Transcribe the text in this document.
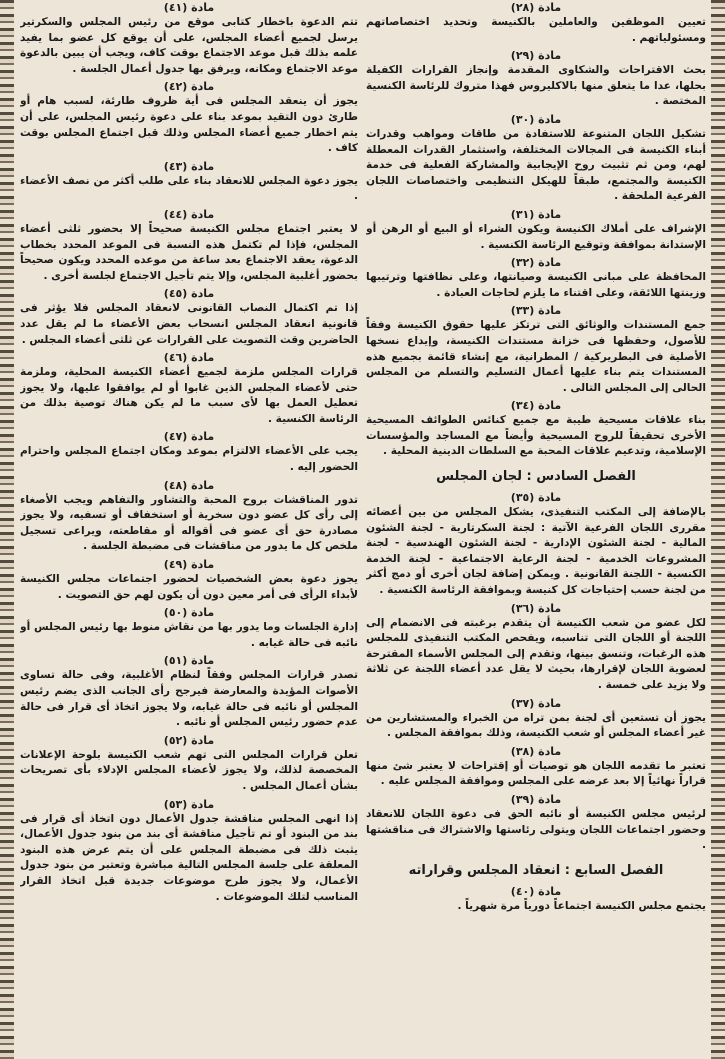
مادة (٢٨)

تعيين الموظفين والعاملين بالكنيسة وتحديد اختصاصاتهم ومسئولياتهم .

مادة (٢٩)

بحث الاقتراحات والشكاوى المقدمة وإنجاز القرارات الكفيلة بحلها، عدا ما يتعلق منها بالاكليروس فهذا متروك للرئاسة الكنسية المختصة .

مادة (٣٠)

تشكيل اللجان المتنوعة للاستفادة من طاقات ومواهب وقدرات أبناء الكنيسة فى المجالات المختلفة، واستثمار القدرات المعطلة لهم، ومن ثم تثبيت روح الإيجابية والمشاركة الفعلية فى خدمة الكنيسة والمجتمع، طبقاً للهيكل التنظيمى واختصاصات اللجان الفرعية الملحقة .

مادة (٣١)

الإشراف على أملاك الكنيسة ويكون الشراء أو البيع أو الرهن أو الإستدانة بموافقة وتوقيع الرئاسة الكنسية .

مادة (٣٢)

المحافظة على مبانى الكنيسة وصيانتها، وعلى نظافتها وترتيبها وزينتها اللائقة، وعلى اقتناء ما يلزم لحاجات العبادة .

مادة (٣٣)

جمع المستندات والوثائق التى ترتكز عليها حقوق الكنيسة وفقاً للأصول، وحفظها فى خزانة مستندات الكنيسة، وإيداع نسخها الأصلية فى البطريركية / المطرانية، مع إنشاء قائمة بجميع هذه المستندات يتم بناء عليها أعمال التسليم والتسلم من المجلس الحالى إلى المجلس التالى .

مادة (٣٤)

بناء علاقات مسيحية طيبة مع جميع كنائس الطوائف المسيحية الأخرى تحقيقاً للروح المسيحية وأيضاً مع المساجد والمؤسسات الإسلامية، وتدعيم علاقات المحبة مع السلطات الدينية المحلية .

الفصل السادس : لجان المجلس
مادة (٣٥)

بالإضافة إلى المكتب التنفيذى، يشكل المجلس من بين أعضائه مقررى اللجان الفرعية الآتية : لجنة السكرتارية - لجنة الشئون المالية - لجنة الشئون الإدارية - لجنة الشئون الهندسية - لجنة المشروعات الخدمية - لجنة الرعاية الاجتماعية - لجنة الخدمة الكنسية - اللجنة القانونية . ويمكن إضافة لجان أخرى أو دمج أكثر من لجنة حسب إحتياجات كل كنيسة وبموافقة الرئاسة الكنسية .

مادة (٣٦)

لكل عضو من شعب الكنيسة أن يتقدم برغبته فى الانضمام إلى اللجنة أو اللجان التى تناسبه، ويفحص المكتب التنفيذى للمجلس هذه الرغبات، وتنسق بينها، وتقدم إلى المجلس الأسماء المقترحة لعضوية اللجان لإقرارها، بحيث لا يقل عدد أعضاء اللجنة عن ثلاثة ولا يزيد على خمسة .

مادة (٣٧)

يجوز أن تستعين أى لجنة بمن تراه من الخبراء والمستشارين من غير أعضاء المجلس أو شعب الكنيسة، وذلك بموافقة المجلس .

مادة (٣٨)

تعتبر ما تقدمه اللجان هو توصيات أو إقتراحات لا يعتبر شئ منها قراراً نهائياً إلا بعد عرضه على المجلس وموافقة المجلس عليه .

مادة (٣٩)

لرئيس مجلس الكنيسة أو نائبه الحق فى دعوة اللجان للانعقاد وحضور اجتماعات اللجان ويتولى رئاستها والاشتراك فى مناقشتها .

الفصل السابع : انعقاد المجلس وقراراته
مادة (٤٠)

يجتمع مجلس الكنيسة اجتماعاً دورياً مرة شهرياً .

مادة (٤١)

تتم الدعوة باخطار كتابى موقع من رئيس المجلس والسكرتير يرسل لجميع أعضاء المجلس، على أن يوقع كل عضو بما يفيد علمه بذلك قبل موعد الاجتماع بوقت كاف، ويجب أن يبين بالدعوة موعد الاجتماع ومكانه، ويرفق بها جدول أعمال الجلسة .

مادة (٤٢)

يجوز أن ينعقد المجلس فى أية ظروف طارئة، لسبب هام أو طارئ دون التقيد بموعد بناء على دعوة رئيس المجلس، على أن يتم اخطار جميع أعضاء المجلس وذلك قبل اجتماع المجلس بوقت كاف .

مادة (٤٣)

يجوز دعوة المجلس للانعقاد بناء على طلب أكثر من نصف الأعضاء .

مادة (٤٤)

لا يعتبر اجتماع مجلس الكنيسة صحيحاً إلا بحضور ثلثى أعضاء المجلس، فإذا لم تكتمل هذه النسبة فى الموعد المحدد بخطاب الدعوة، يعقد الاجتماع بعد ساعة من موعده المحدد ويكون صحيحاً بحضور أغلبية المجلس، وإلا يتم تأجيل الاجتماع لجلسة أخرى .

مادة (٤٥)

إذا تم اكتمال النصاب القانونى لانعقاد المجلس فلا يؤثر فى قانونية انعقاد المجلس انسحاب بعض الأعضاء ما لم يقل عدد الحاضرين وقت التصويت على القرارات عن ثلثى أعضاء المجلس .

مادة (٤٦)

قرارات المجلس ملزمة لجميع أعضاء الكنيسة المحلية، وملزمة حتى لأعضاء المجلس الذين غابوا أو لم يوافقوا عليها، ولا يجوز تعطيل العمل بها لأى سبب ما لم يكن هناك توصية بذلك من الرئاسة الكنسية .

مادة (٤٧)

يجب على الأعضاء الالتزام بموعد ومكان اجتماع المجلس واحترام الحضور إليه .

مادة (٤٨)

تدور المناقشات بروح المحبة والتشاور والتفاهم ويجب الأصغاء إلى رأى كل عضو دون سخرية أو استخفاف أو تسفيه، ولا يجوز مصادرة حق أى عضو فى أقواله أو مقاطعته، ويراعى تسجيل ملخص كل ما يدور من مناقشات فى مضبطة الجلسة .

مادة (٤٩)

يجوز دعوة بعض الشخصيات لحضور اجتماعات مجلس الكنيسة لأبداء الرأى فى أمر معين دون أن يكون لهم حق التصويت .

مادة (٥٠)

إدارة الجلسات وما يدور بها من نقاش منوط بها رئيس المجلس أو نائبه فى حالة غيابه .

مادة (٥١)

تصدر قرارات المجلس وفقاً لنظام الأغلبية، وفى حالة تساوى الأصوات المؤيدة والمعارضة فيرجح رأى الجانب الذى يضم رئيس المجلس أو نائبه فى حالة غيابه، ولا يجوز اتخاذ أى قرار فى حالة عدم حضور رئيس المجلس أو نائبه .

مادة (٥٢)

تعلن قرارات المجلس التى تهم شعب الكنيسة بلوحة الإعلانات المخصصة لذلك، ولا يجوز لأعضاء المجلس الإدلاء بأى تصريحات بشأن أعمال المجلس .

مادة (٥٣)

إذا انهى المجلس مناقشة جدول الأعمال دون اتخاذ أى قرار فى بند من البنود أو تم تأجيل مناقشة أى بند من بنود جدول الأعمال، يثبت ذلك فى مضبطة المجلس على أن يتم عرض هذه البنود المعلقة على جلسة المجلس التالية مباشرة وتعتبر من بنود جدول الأعمال، ولا يجوز طرح موضوعات جديدة قبل اتخاذ القرار المناسب لتلك الموضوعات .
